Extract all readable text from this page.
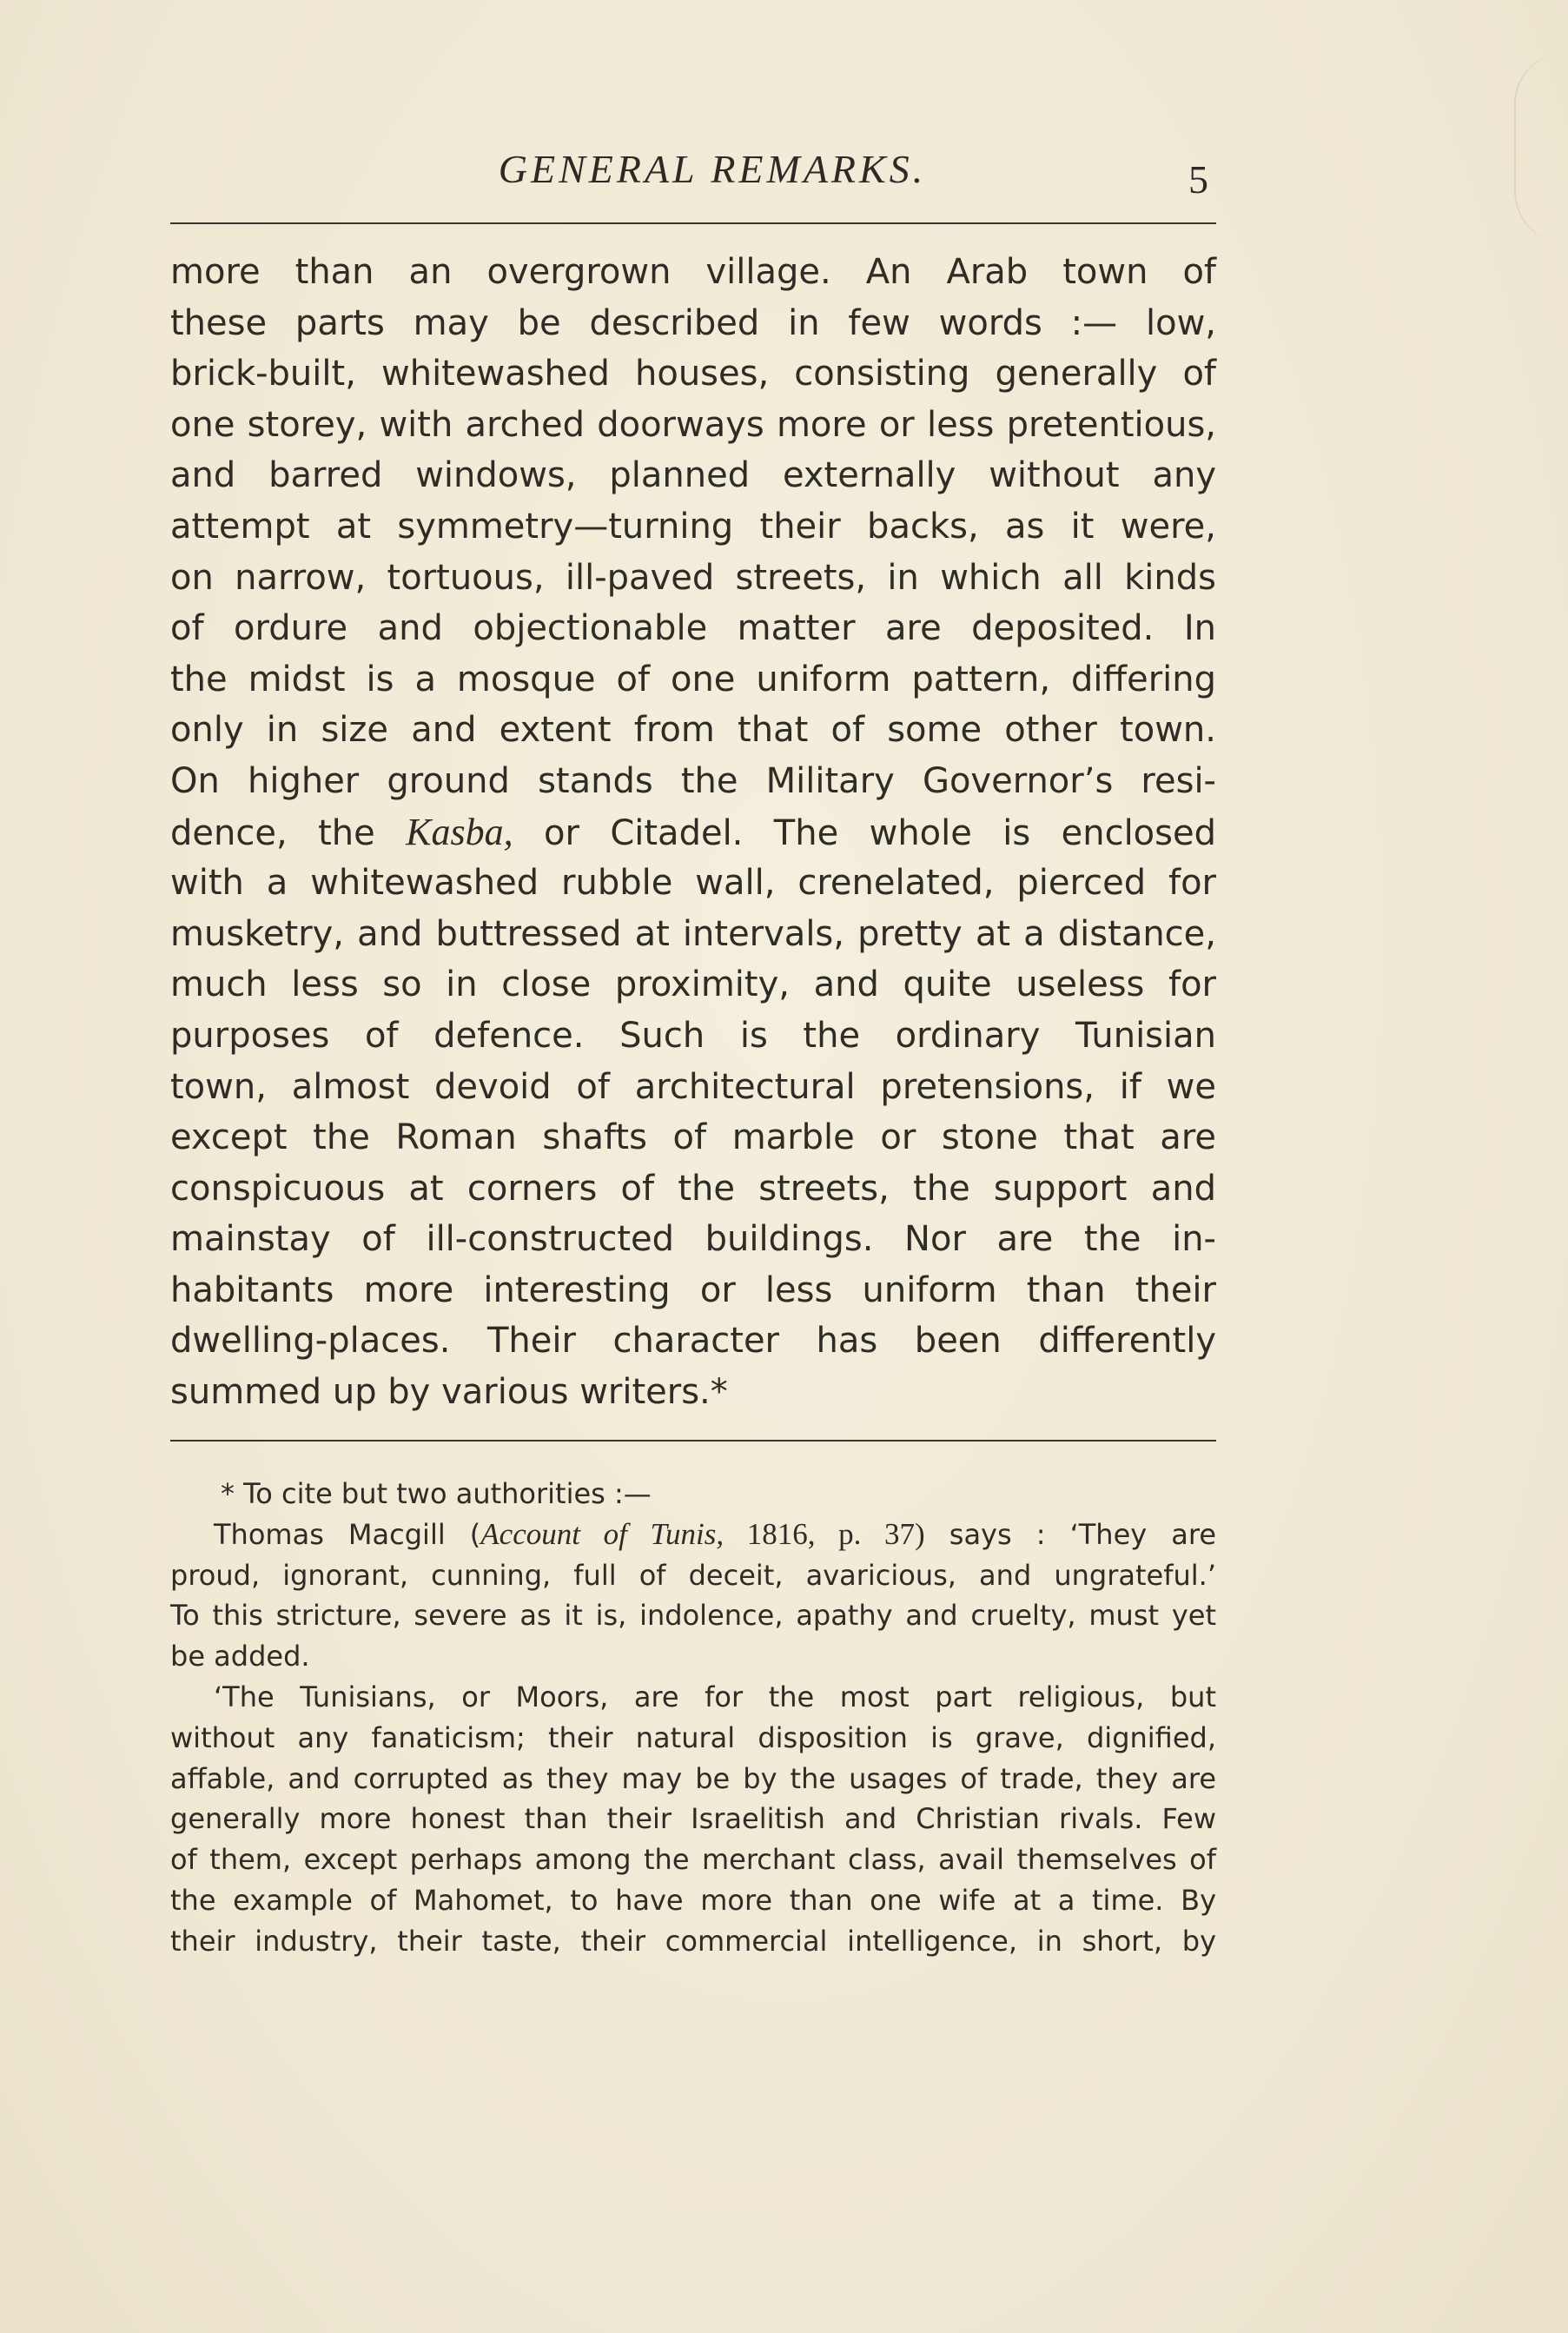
GENERAL REMARKS.	5
more than an overgrown village. An Arab town of
these parts may be described in few words :— low,
brick-built, whitewashed houses, consisting generally of
one storey, with arched doorways more or less pretentious,
and barred windows, planned externally without any
attempt at symmetry—turning their backs, as it were,
on narrow, tortuous, ill-paved streets, in which all kinds
of ordure and objectionable matter are deposited. In
the midst is a mosque of one uniform pattern, differing
only in size and extent from that of some other town.
On higher ground stands the Military Governor’s resi-
dence, the Kasba, or Citadel. The whole is enclosed
with a whitewashed rubble wall, crenelated, pierced for
musketry, and buttressed at intervals, pretty at a distance,
much less so in close proximity, and quite useless for
purposes of defence. Such is the ordinary Tunisian
town, almost devoid of architectural pretensions, if we
except the Roman shafts of marble or stone that are
conspicuous at corners of the streets, the support and
mainstay of ill-constructed buildings. Nor are the in-
habitants more interesting or less uniform than their
dwelling-places. Their character has been differently
summed up by various writers.*
* To cite but two authorities :—
Thomas Macgill (Account of Tunis, 1816, p. 37) says : ‘They are
proud, ignorant, cunning, full of deceit, avaricious, and ungrateful.’
To this stricture, severe as it is, indolence, apathy and cruelty, must yet
be added.
‘The Tunisians, or Moors, are for the most part religious, but
without any fanaticism; their natural disposition is grave, dignified,
affable, and corrupted as they may be by the usages of trade, they are
generally more honest than their Israelitish and Christian rivals. Few
of them, except perhaps among the merchant class, avail themselves of
the example of Mahomet, to have more than one wife at a time. By
their industry, their taste, their commercial intelligence, in short, by
